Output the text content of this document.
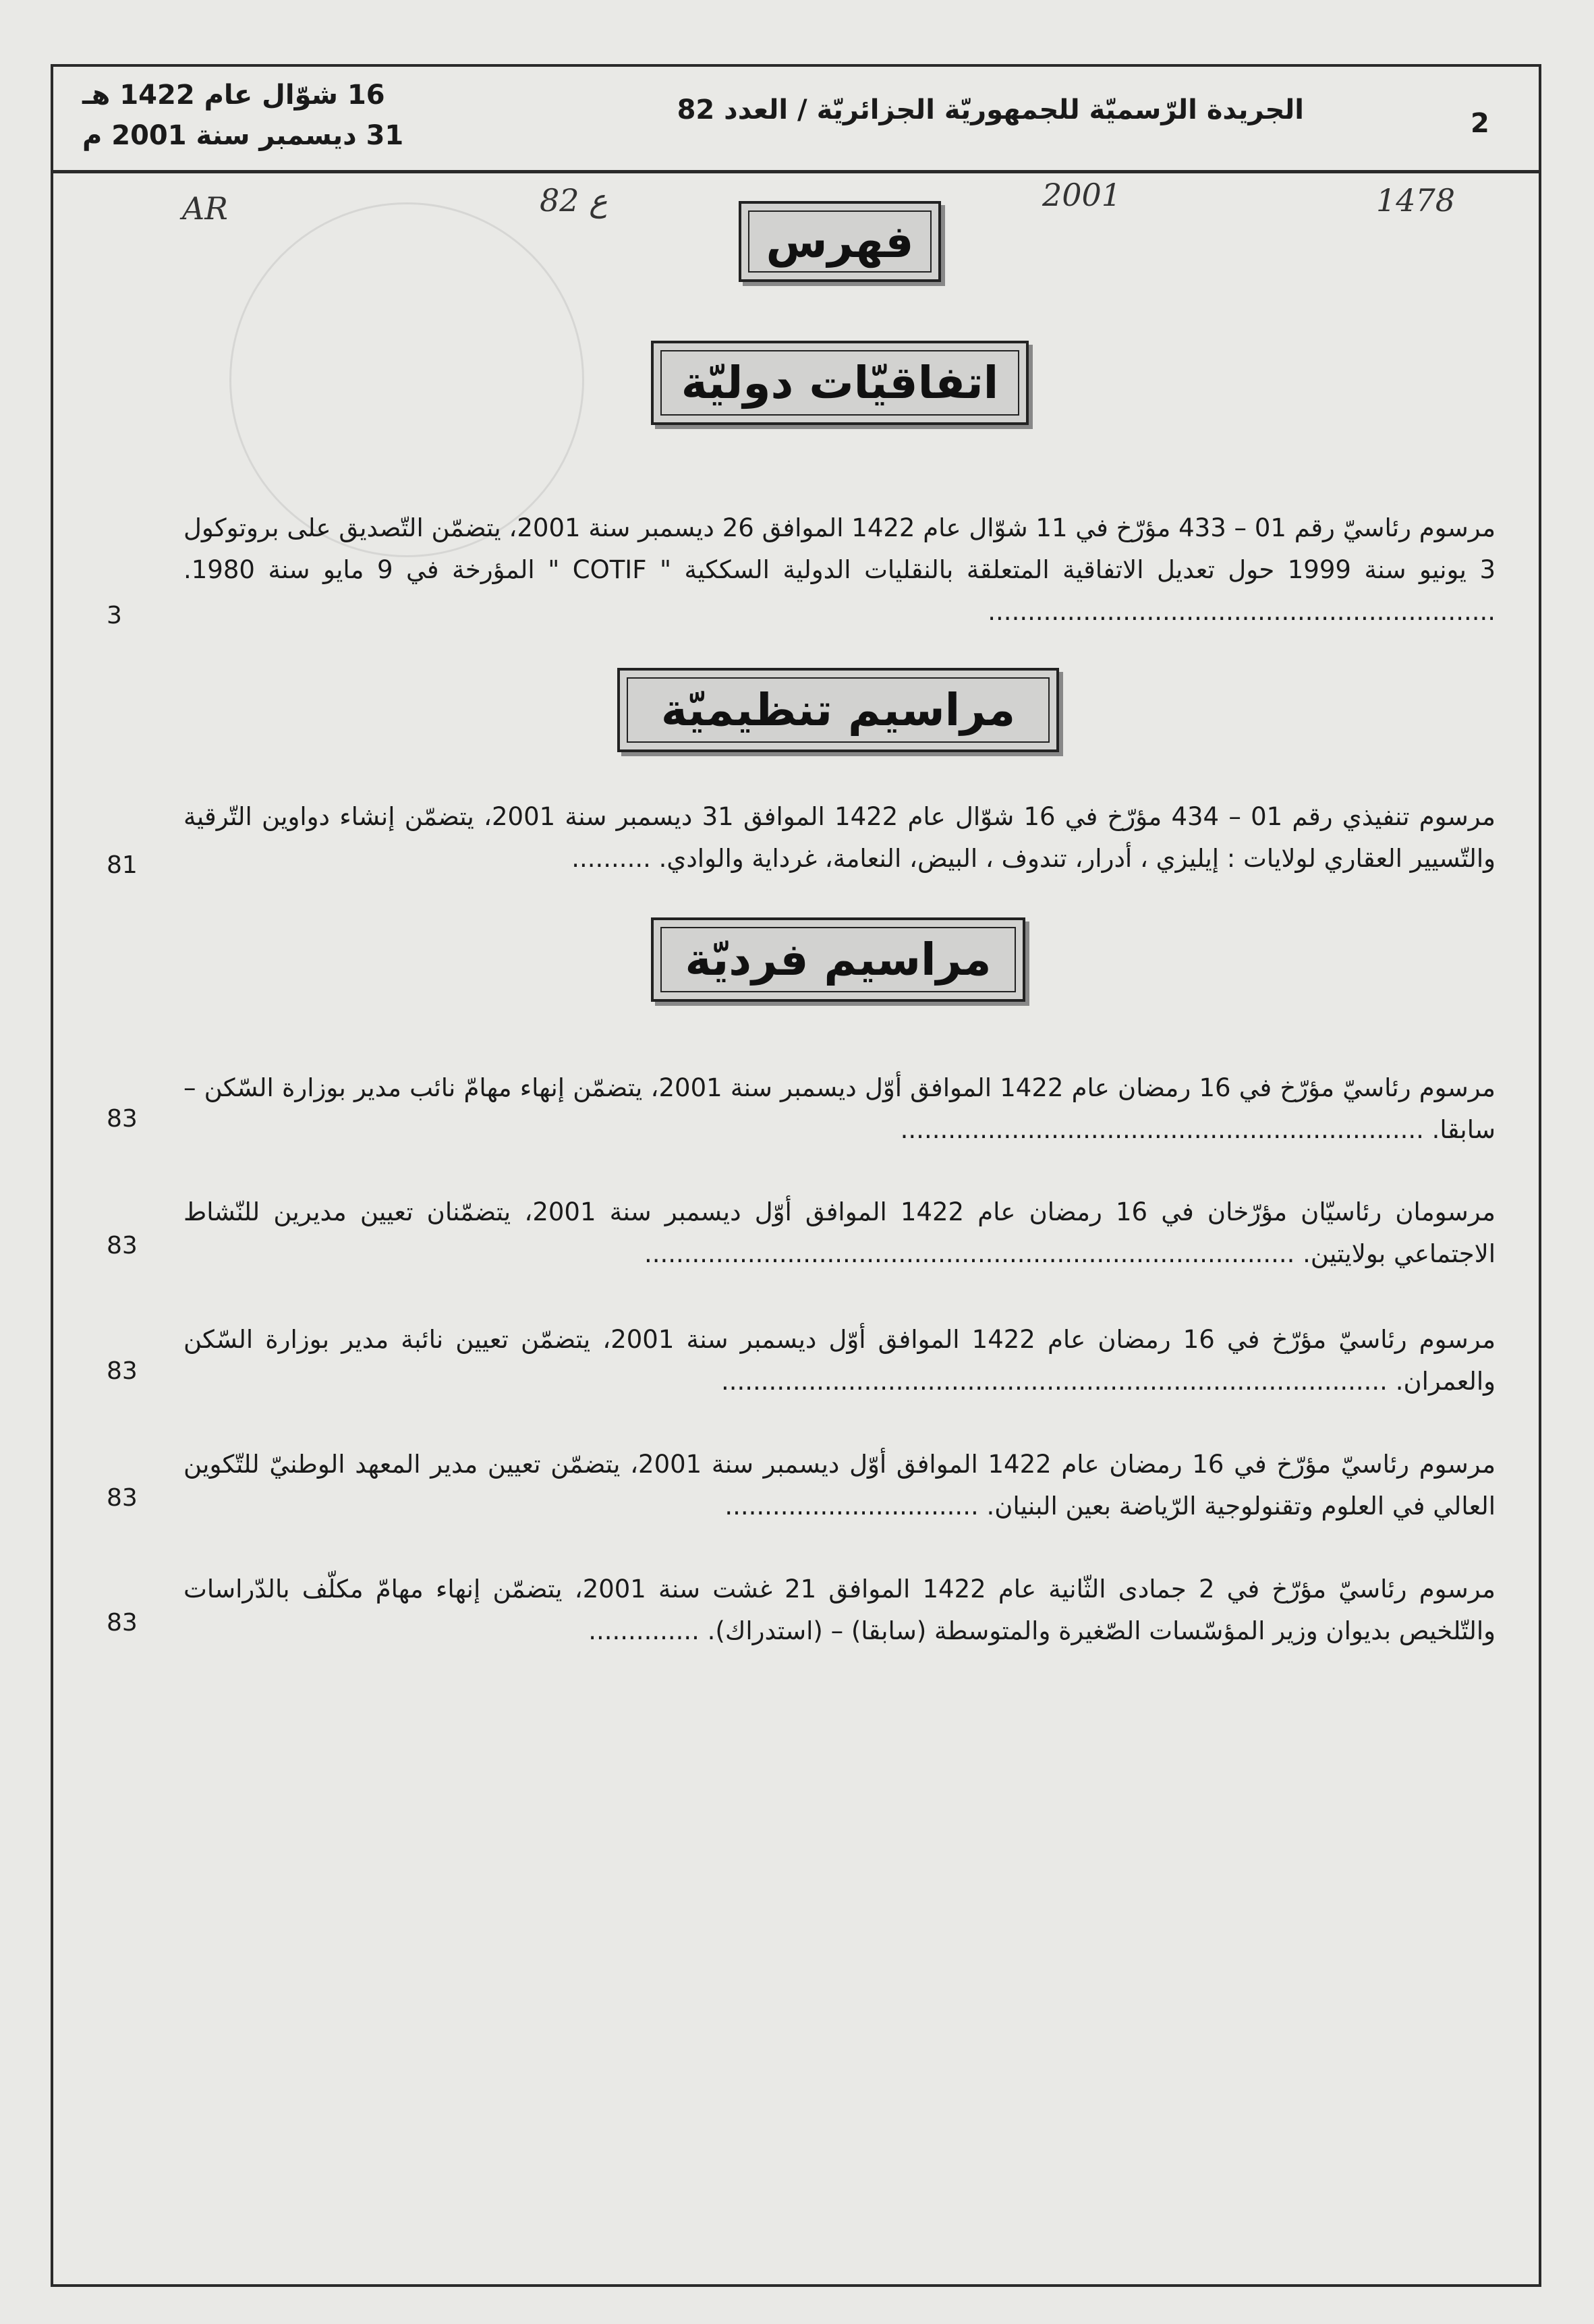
2
الجريدة الرّسميّة للجمهوريّة الجزائريّة / العدد 82
16 شوّال عام 1422 هـ
31 ديسمبر سنة 2001 م
AR	82 ع	2001	1478
فهرس
اتفاقيّات دوليّة
مرسوم رئاسيّ رقم 01 – 433 مؤرّخ في 11 شوّال عام 1422 الموافق 26 ديسمبر سنة 2001، يتضمّن التّصديق على بروتوكول 3 يونيو سنة 1999 حول تعديل الاتفاقية المتعلقة بالنقليات الدولية السككية " COTIF " المؤرخة في 9 مايو سنة 1980. ................................................................
3
مراسيم تنظيميّة
مرسوم تنفيذي رقم 01 – 434 مؤرّخ في 16 شوّال عام 1422 الموافق 31 ديسمبر سنة 2001، يتضمّن إنشاء دواوين التّرقية والتّسيير العقاري لولايات : إيليزي ، أدرار، تندوف ، البيض، النعامة، غرداية والوادي. ..........
81
مراسيم فرديّة
مرسوم رئاسيّ مؤرّخ في 16 رمضان عام 1422 الموافق أوّل ديسمبر سنة 2001، يتضمّن إنهاء مهامّ نائب مدير بوزارة السّكن – سابقا. ..................................................................
83
مرسومان رئاسيّان مؤرّخان في 16 رمضان عام 1422 الموافق أوّل ديسمبر سنة 2001، يتضمّنان تعيين مديرين للنّشاط الاجتماعي بولايتين. ..................................................................................
83
مرسوم رئاسيّ مؤرّخ في 16 رمضان عام 1422 الموافق أوّل ديسمبر سنة 2001، يتضمّن تعيين نائبة مدير بوزارة السّكن والعمران. ....................................................................................
83
مرسوم رئاسيّ مؤرّخ في 16 رمضان عام 1422 الموافق أوّل ديسمبر سنة 2001، يتضمّن تعيين مدير المعهد الوطنيّ للتّكوين العالي في العلوم وتقنولوجية الرّياضة بعين البنيان. ................................
83
مرسوم رئاسيّ مؤرّخ في 2 جمادى الثّانية عام 1422 الموافق 21 غشت سنة 2001، يتضمّن إنهاء مهامّ مكلّف بالدّراسات والتّلخيص بديوان وزير المؤسّسات الصّغيرة والمتوسطة (سابقا) – (استدراك). ..............
83
